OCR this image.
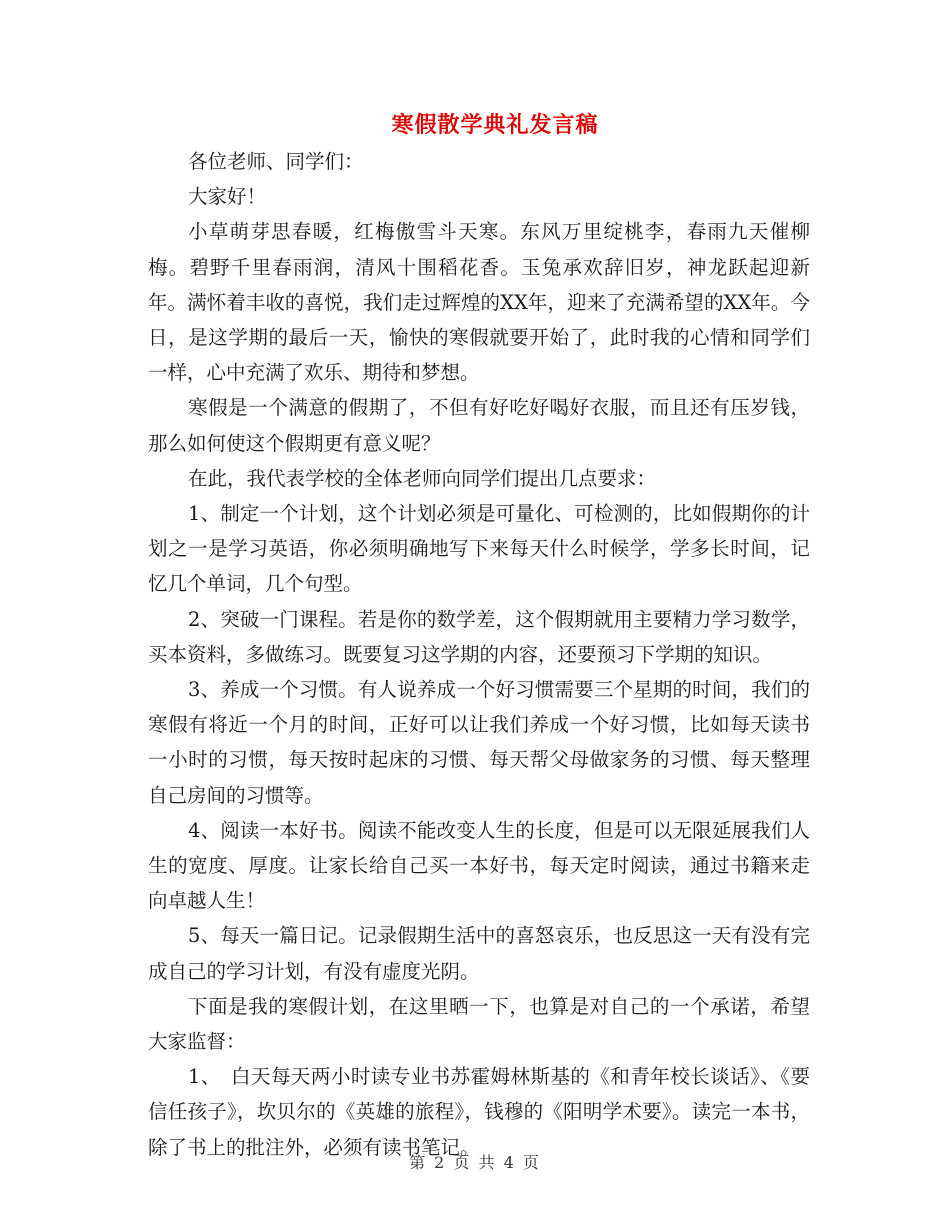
寒假散学典礼发言稿

各位老师、同学们：

大家好！

小草萌芽思春暖，红梅傲雪斗天寒。东风万里绽桃李，春雨九天催柳梅。碧野千里春雨润，清风十围稻花香。玉兔承欢辞旧岁，神龙跃起迎新年。满怀着丰收的喜悦，我们走过辉煌的XX年，迎来了充满希望的XX年。今日，是这学期的最后一天，愉快的寒假就要开始了，此时我的心情和同学们一样，心中充满了欢乐、期待和梦想。

寒假是一个满意的假期了，不但有好吃好喝好衣服，而且还有压岁钱，那么如何使这个假期更有意义呢？

在此，我代表学校的全体老师向同学们提出几点要求：

1、制定一个计划，这个计划必须是可量化、可检测的，比如假期你的计划之一是学习英语，你必须明确地写下来每天什么时候学，学多长时间，记忆几个单词，几个句型。

2、突破一门课程。若是你的数学差，这个假期就用主要精力学习数学，买本资料，多做练习。既要复习这学期的内容，还要预习下学期的知识。

3、养成一个习惯。有人说养成一个好习惯需要三个星期的时间，我们的寒假有将近一个月的时间，正好可以让我们养成一个好习惯，比如每天读书一小时的习惯，每天按时起床的习惯、每天帮父母做家务的习惯、每天整理自己房间的习惯等。

4、阅读一本好书。阅读不能改变人生的长度，但是可以无限延展我们人生的宽度、厚度。让家长给自己买一本好书，每天定时阅读，通过书籍来走向卓越人生！

5、每天一篇日记。记录假期生活中的喜怒哀乐，也反思这一天有没有完成自己的学习计划，有没有虚度光阴。

下面是我的寒假计划，在这里晒一下，也算是对自己的一个承诺，希望大家监督：

1、　白天每天两小时读专业书苏霍姆林斯基的《和青年校长谈话》、《要信任孩子》，坎贝尔的《英雄的旅程》，钱穆的《阳明学术要》。读完一本书，除了书上的批注外，必须有读书笔记。

第 2 页 共 4 页
